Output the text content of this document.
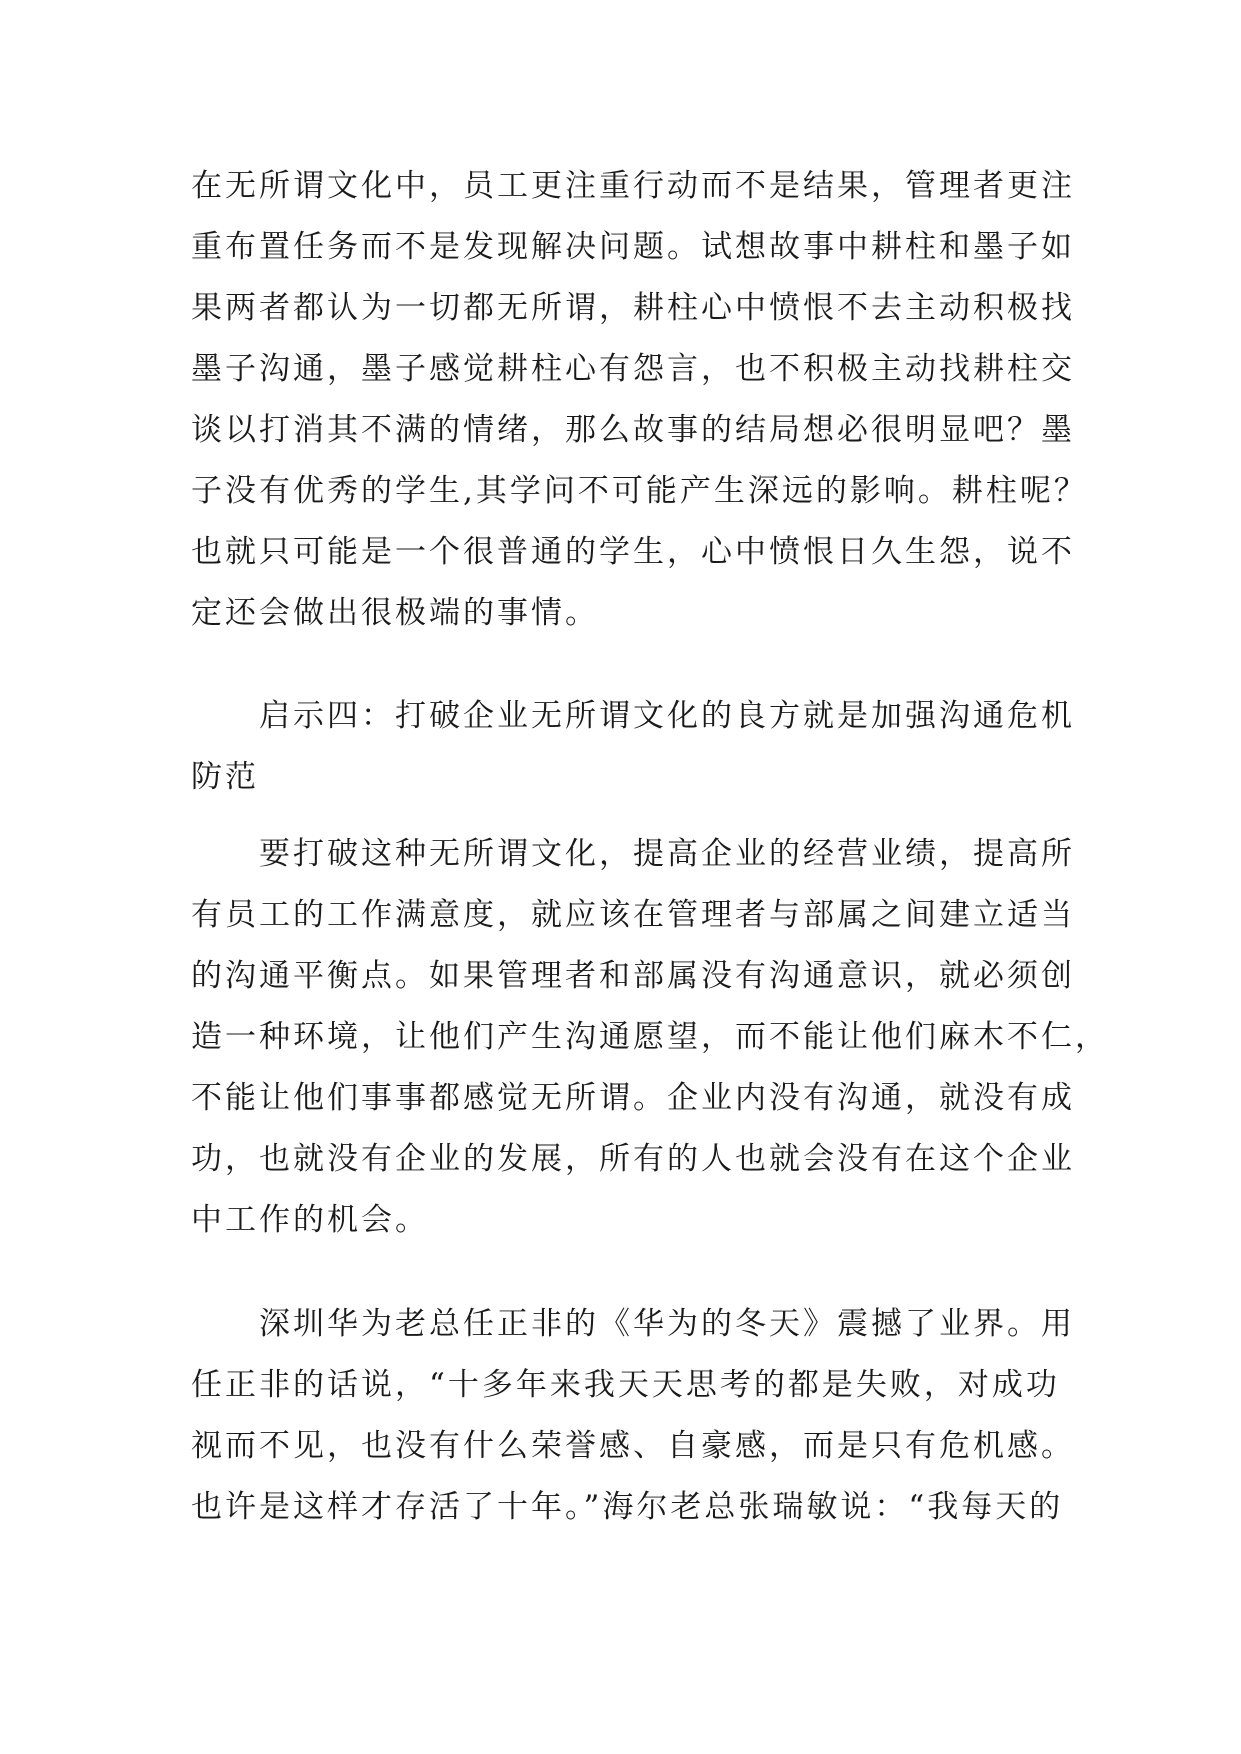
在无所谓文化中，员工更注重行动而不是结果，管理者更注
重布置任务而不是发现解决问题。试想故事中耕柱和墨子如
果两者都认为一切都无所谓，耕柱心中愤恨不去主动积极找
墨子沟通，墨子感觉耕柱心有怨言，也不积极主动找耕柱交
谈以打消其不满的情绪，那么故事的结局想必很明显吧？墨
子没有优秀的学生,其学问不可能产生深远的影响。耕柱呢？
也就只可能是一个很普通的学生，心中愤恨日久生怨，说不
定还会做出很极端的事情。
　　启示四：打破企业无所谓文化的良方就是加强沟通危机
防范
　　要打破这种无所谓文化，提高企业的经营业绩，提高所
有员工的工作满意度，就应该在管理者与部属之间建立适当
的沟通平衡点。如果管理者和部属没有沟通意识，就必须创
造一种环境，让他们产生沟通愿望，而不能让他们麻木不仁，
不能让他们事事都感觉无所谓。企业内没有沟通，就没有成
功，也就没有企业的发展，所有的人也就会没有在这个企业
中工作的机会。
　　深圳华为老总任正非的《华为的冬天》震撼了业界。用
任正非的话说，“十多年来我天天思考的都是失败，对成功
视而不见，也没有什么荣誉感、自豪感，而是只有危机感。
也许是这样才存活了十年。”海尔老总张瑞敏说：“我每天的
